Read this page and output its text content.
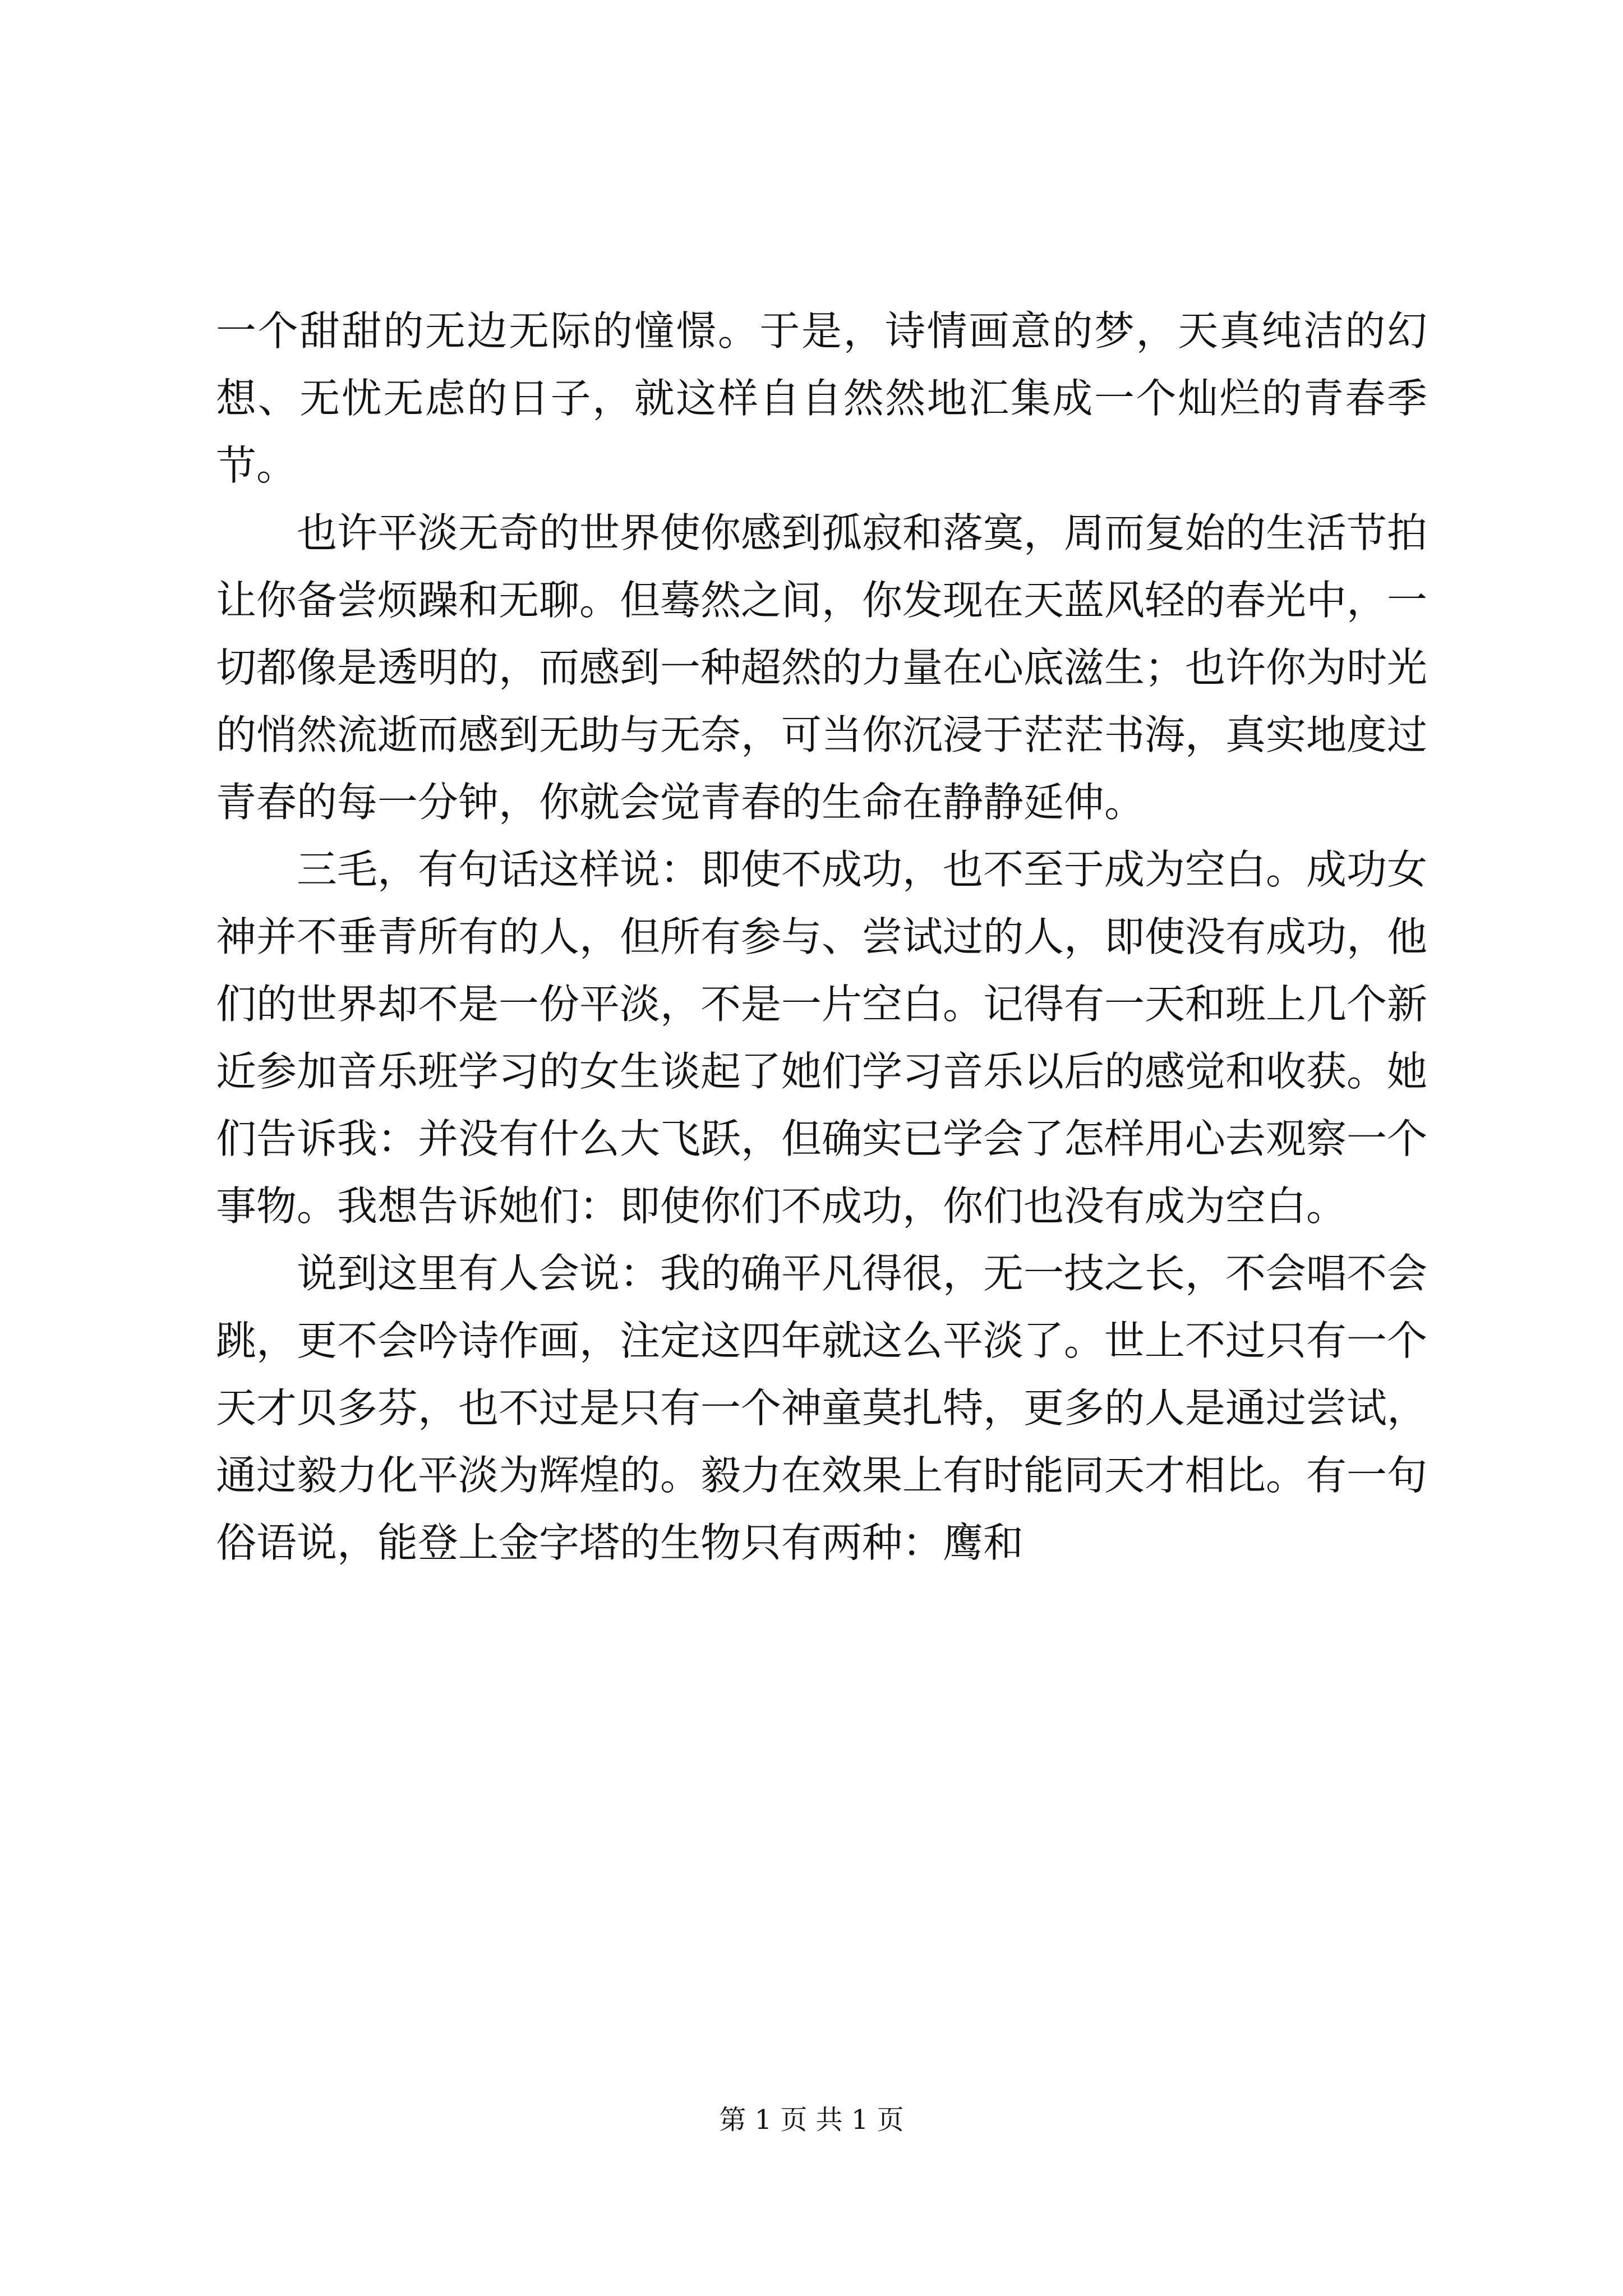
一个甜甜的无边无际的憧憬。于是，诗情画意的梦，天真纯洁的幻想、无忧无虑的日子，就这样自自然然地汇集成一个灿烂的青春季节。

也许平淡无奇的世界使你感到孤寂和落寞，周而复始的生活节拍让你备尝烦躁和无聊。但蓦然之间，你发现在天蓝风轻的春光中，一切都像是透明的，而感到一种超然的力量在心底滋生；也许你为时光的悄然流逝而感到无助与无奈，可当你沉浸于茫茫书海，真实地度过青春的每一分钟，你就会觉青春的生命在静静延伸。

三毛，有句话这样说：即使不成功，也不至于成为空白。成功女神并不垂青所有的人，但所有参与、尝试过的人，即使没有成功，他们的世界却不是一份平淡，不是一片空白。记得有一天和班上几个新近参加音乐班学习的女生谈起了她们学习音乐以后的感觉和收获。她们告诉我：并没有什么大飞跃，但确实已学会了怎样用心去观察一个事物。我想告诉她们：即使你们不成功，你们也没有成为空白。

说到这里有人会说：我的确平凡得很，无一技之长，不会唱不会跳，更不会吟诗作画，注定这四年就这么平淡了。世上不过只有一个天才贝多芬，也不过是只有一个神童莫扎特，更多的人是通过尝试，通过毅力化平淡为辉煌的。毅力在效果上有时能同天才相比。有一句俗语说，能登上金字塔的生物只有两种：鹰和

第 1 页 共 1 页
